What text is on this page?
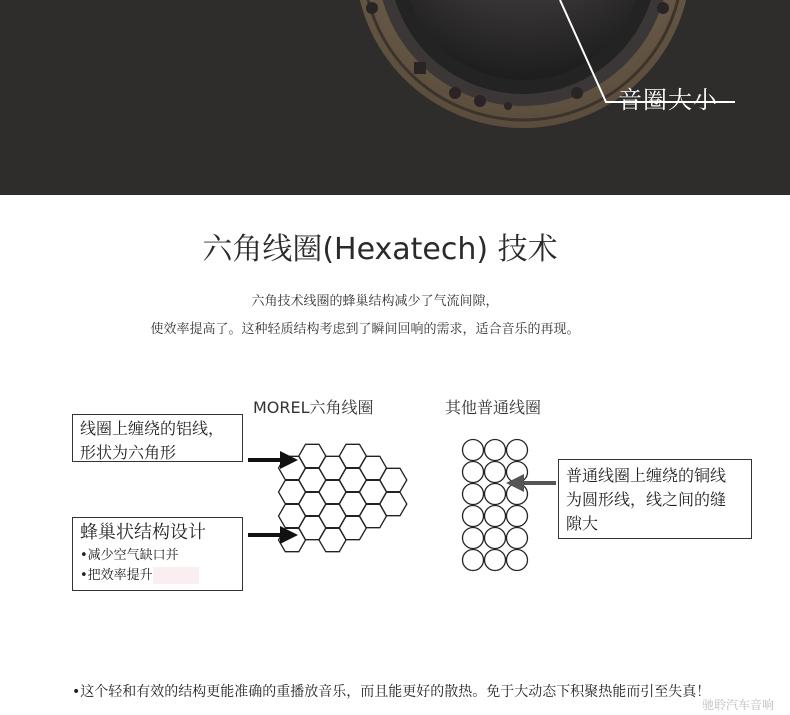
音圈大小
六角线圈(Hexatech) 技术
六角技术线圈的蜂巢结构减少了气流间隙，
使效率提高了。这种轻质结构考虑到了瞬间回响的需求，适合音乐的再现。
MOREL六角线圈	其他普通线圈
线圈上缠绕的铝线，
形状为六角形
蜂巢状结构设计
•减少空气缺口并
•把效率提升
普通线圈上缠绕的铜线
为圆形线，线之间的缝
隙大
•这个轻和有效的结构更能准确的重播放音乐，而且能更好的散热。免于大动态下积聚热能而引至失真！
驰聆汽车音响
